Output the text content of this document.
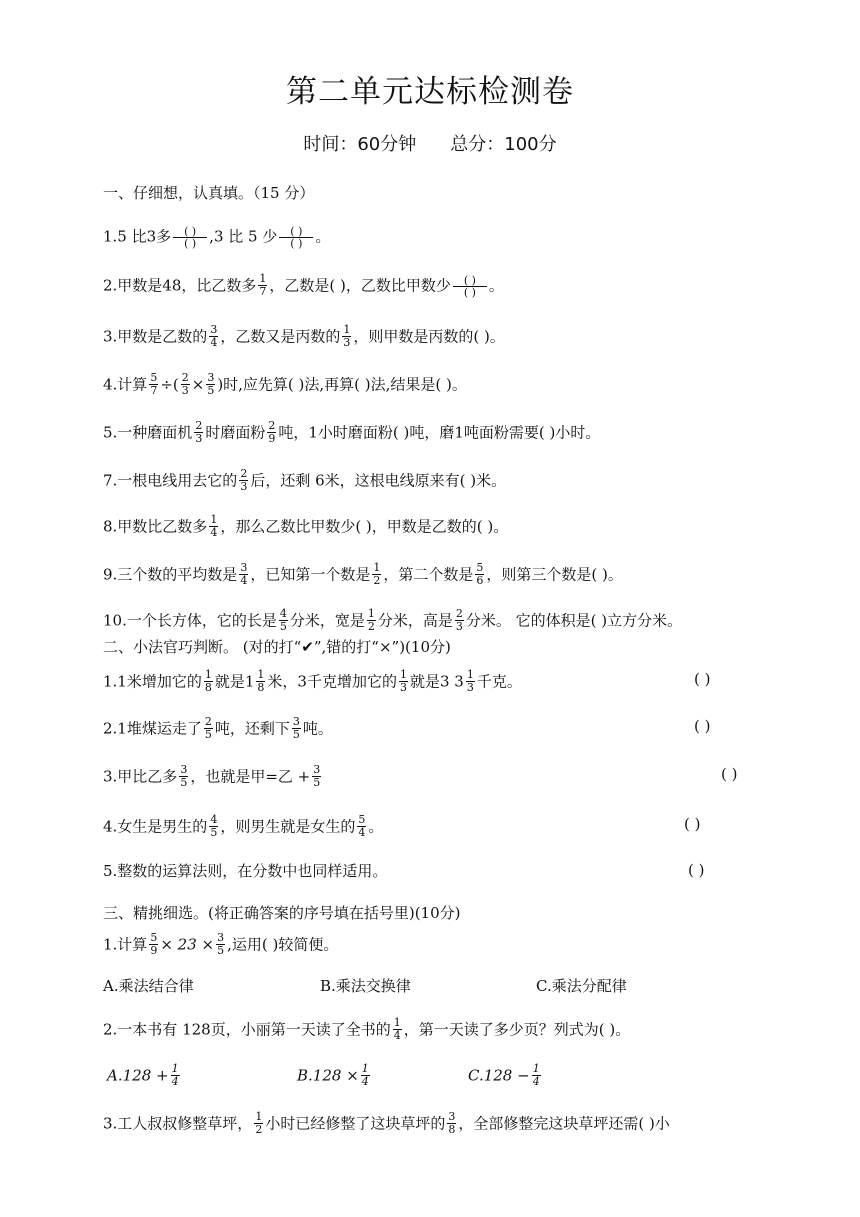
第二单元达标检测卷
时间：60分钟 总分：100分
一、仔细想，认真填。（15 分）
1.5 比3多	( )
( ) ,3 比 5 少	( )
( ) 。
2.甲数是48，比乙数多 $\frac{1}{7}$ ，乙数是( )，乙数比甲数少	( )
( ) 。
3.甲数是乙数的 $\frac{3}{4}$ ，乙数又是丙数的 $\frac{1}{3}$ ，则甲数是丙数的( )。
4.计算 $\frac{5}{7}$ ÷( $\frac{2}{3} \times \frac{3}{5}$ )时,应先算( )法,再算( )法,结果是( )。
5.一种磨面机 $\frac{2}{3}$ 时磨面粉 $\frac{2}{9}$ 吨，1小时磨面粉( )吨，磨1吨面粉需要( )小时。
7.一根电线用去它的 $\frac{2}{3}$ 后，还剩 6米，这根电线原来有( )米。
8.甲数比乙数多 $\frac{1}{4}$ ，那么乙数比甲数少( )，甲数是乙数的( )。
9.三个数的平均数是 $\frac{3}{4}$ ，已知第一个数是 $\frac{1}{2}$ ，第二个数是 $\frac{5}{6}$ ，则第三个数是( )。
10.一个长方体，它的长是 $\frac{4}{5}$ 分米，宽是 $\frac{1}{2}$ 分米，高是 $\frac{2}{3}$ 分米。 它的体积是( )立方分米。
二、小法官巧判断。 (对的打“✔”,错的打“×”)(10分)
1.1米增加它的 $\frac{1}{8}$ 就是$1 \frac{1}{8}$ 米，3千克增加它的 $\frac{1}{3}$ 就是3 $3 \frac{1}{3}$ 千克。	( )
2.1堆煤运走了 $\frac{2}{5}$ 吨，还剩下 $\frac{3}{5}$ 吨。	( )
3.甲比乙多 $\frac{3}{5}$ ，也就是甲=乙 + $\frac{3}{5}$	( )
4.女生是男生的 $\frac{4}{5}$ ，则男生就是女生的 $\frac{5}{4}$ 。	( )
5.整数的运算法则，在分数中也同样适用。	( )
三、精挑细选。(将正确答案的序号填在括号里)(10分)
1.计算 $\frac{5}{9} \times 23 \times \frac{3}{5}$ ,运用( )较简便。
A.乘法结合律	B.乘法交换律	C.乘法分配律
2.一本书有 128页，小丽第一天读了全书的 $\frac{1}{4}$ ，第一天读了多少页？列式为( )。
$A.128 + \frac{1}{4}$	$B.128 \times \frac{1}{4}$	$C.128 - \frac{1}{4}$
3.工人叔叔修整草坪， $\frac{1}{2}$ 小时已经修整了这块草坪的 $\frac{3}{8}$ ，全部修整完这块草坪还需( )小
